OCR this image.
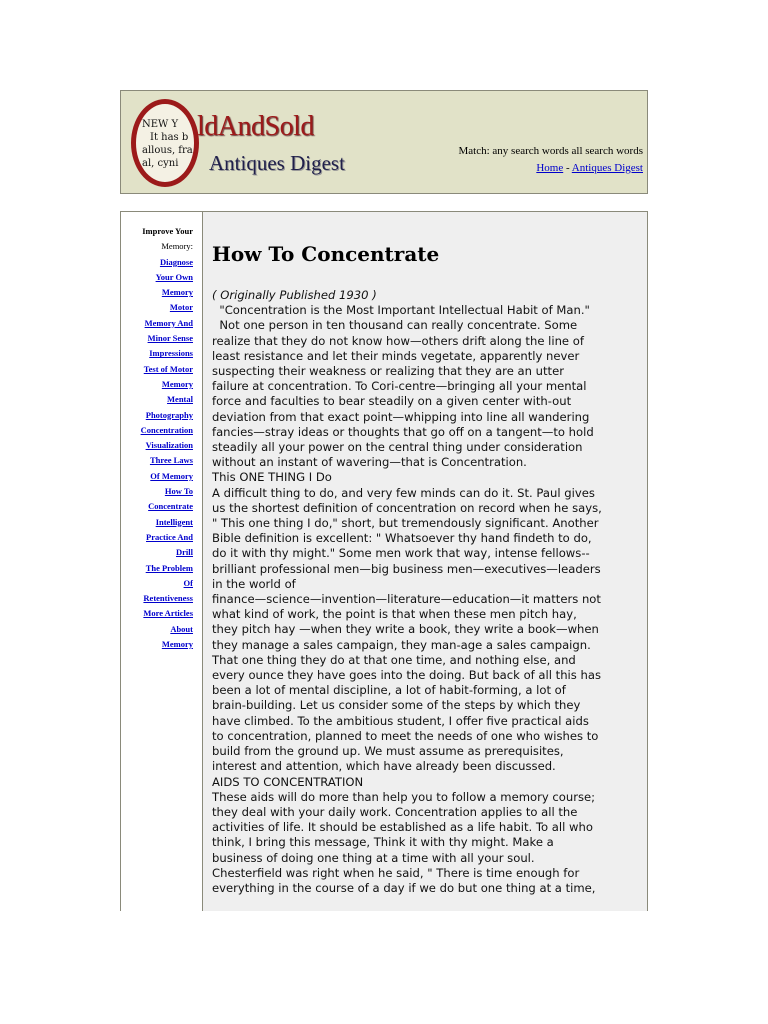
NEW Y
It has b
allous, fra
al, cyni
ldAndSold
Antiques Digest	Match: any search words all search words Home - Antiques Digest
Improve Your
Memory:
Diagnose
Your Own
Memory
Motor
Memory And
Minor Sense
Impressions
Test of Motor
Memory
Mental
Photography
Concentration
Visualization
Three Laws
Of Memory
How To
Concentrate
Intelligent
Practice And
Drill
The Problem
Of
Retentiveness
More Articles
About
Memory
How To Concentrate

( Originally Published 1930 )

"Concentration is the Most Important Intellectual Habit of Man."

Not one person in ten thousand can really concentrate. Some

realize that they do not know how—others drift along the line of

least resistance and let their minds vegetate, apparently never

suspecting their weakness or realizing that they are an utter

failure at concentration. To Cori-centre—bringing all your mental

force and faculties to bear steadily on a given center with-out

deviation from that exact point—whipping into line all wandering

fancies—stray ideas or thoughts that go off on a tangent—to hold

steadily all your power on the central thing under consideration

without an instant of wavering—that is Concentration.

This ONE THING I Do

A difficult thing to do, and very few minds can do it. St. Paul gives

us the shortest definition of concentration on record when he says,

" This one thing I do," short, but tremendously significant. Another

Bible definition is excellent: " Whatsoever thy hand findeth to do,

do it with thy might." Some men work that way, intense fellows--

brilliant professional men—big business men—executives—leaders

in the world of

finance—science—invention—literature—education—it matters not

what kind of work, the point is that when these men pitch hay,

they pitch hay —when they write a book, they write a book—when

they manage a sales campaign, they man-age a sales campaign.

That one thing they do at that one time, and nothing else, and

every ounce they have goes into the doing. But back of all this has

been a lot of mental discipline, a lot of habit-forming, a lot of

brain-building. Let us consider some of the steps by which they

have climbed. To the ambitious student, I offer five practical aids

to concentration, planned to meet the needs of one who wishes to

build from the ground up. We must assume as prerequisites,

interest and attention, which have already been discussed.

AIDS TO CONCENTRATION

These aids will do more than help you to follow a memory course;

they deal with your daily work. Concentration applies to all the

activities of life. It should be established as a life habit. To all who

think, I bring this message, Think it with thy might. Make a

business of doing one thing at a time with all your soul.

Chesterfield was right when he said, " There is time enough for

everything in the course of a day if we do but one thing at a time,
